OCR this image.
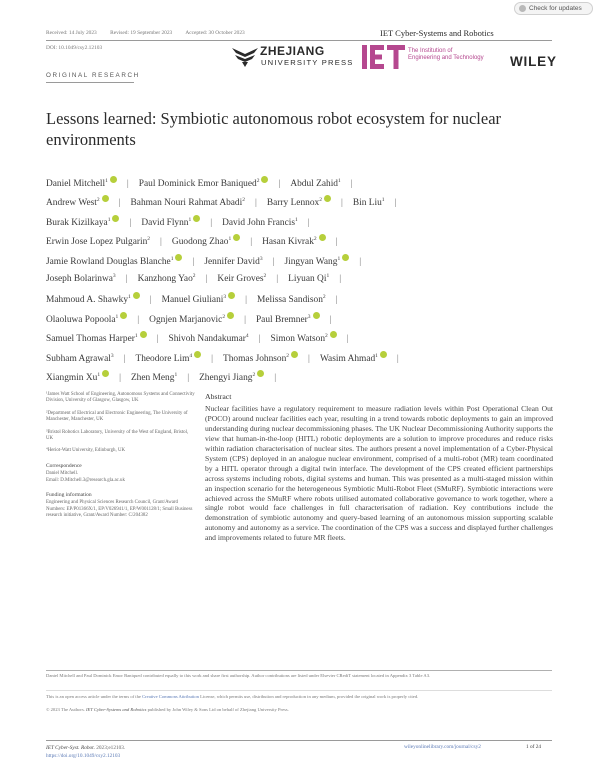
Check for updates
Received: 14 July 2023 Revised: 19 September 2023 Accepted: 30 October 2023	IET Cyber-Systems and Robotics
DOI: 10.1049/csy2.12103
ORIGINAL RESEARCH
ZHEJIANG
UNIVERSITY PRESS
The Institution of
Engineering and Technology	WILEY
Lessons learned: Symbiotic autonomous robot ecosystem for nuclear environments
Daniel Mitchell$^1$ | Paul Dominick Emor Baniqued$^2$ | Abdul Zahid$^1$ |
Andrew West$^2$ | Bahman Nouri Rahmat Abadi$^2$ | Barry Lennox$^2$ | Bin Liu$^1$ |
Burak Kizilkaya$^1$ | David Flynn$^1$ | David John Francis$^1$ |
Erwin Jose Lopez Pulgarin$^2$ | Guodong Zhao$^1$ | Hasan Kivrak$^2$ |
Jamie Rowland Douglas Blanche$^1$ | Jennifer David$^3$ | Jingyan Wang$^1$ |
Joseph Bolarinwa$^3$ | Kanzhong Yao$^2$ | Keir Groves$^2$ | Liyuan Qi$^1$ |
Mahmoud A. Shawky$^1$ | Manuel Giuliani$^3$ | Melissa Sandison$^2$ |
Olaoluwa Popoola$^1$ | Ognjen Marjanovic$^2$ | Paul Bremner$^3$ |
Samuel Thomas Harper$^1$ | Shivoh Nandakumar$^4$ | Simon Watson$^2$ |
Subham Agrawal$^3$ | Theodore Lim$^4$ | Thomas Johnson$^2$ | Wasim Ahmad$^1$ |
Xiangmin Xu$^1$ | Zhen Meng$^1$ | Zhengyi Jiang$^2$ |

¹James Watt School of Engineering, Autonomous Systems and Connectivity Division, University of Glasgow, Glasgow, UK

²Department of Electrical and Electronic Engineering, The University of Manchester, Manchester, UK

³Bristol Robotics Laboratory, University of the West of England, Bristol, UK

⁴Heriot-Watt University, Edinburgh, UK

Correspondence
Daniel Mitchell.
Email: D.Mitchell.3@research.gla.ac.uk
Funding information
Engineering and Physical Sciences Research Council, Grant/Award Numbers: EP/P01366X/1, EP/V026941/1, EP/W001128/1; Small Business research initiative, Grant/Award Number: C/204382
Abstract

Nuclear facilities have a regulatory requirement to measure radiation levels within Post Operational Clean Out (POCO) around nuclear facilities each year, resulting in a trend towards robotic deployments to gain an improved understanding during nuclear decommissioning phases. The UK Nuclear Decommissioning Authority supports the view that human-in-the-loop (HITL) robotic deployments are a solution to improve procedures and reduce risks within radiation characterisation of nuclear sites. The authors present a novel implementation of a Cyber-Physical System (CPS) deployed in an analogue nuclear environment, comprised of a multi-robot (MR) team coordinated by a HITL operator through a digital twin interface. The development of the CPS created efficient partnerships across systems including robots, digital systems and human. This was presented as a multi-staged mission within an inspection scenario for the heterogeneous Symbiotic Multi-Robot Fleet (SMuRF). Symbiotic interactions were achieved across the SMuRF where robots utilised automated collaborative governance to work together, where a single robot would face challenges in full characterisation of radiation. Key contributions include the demonstration of symbiotic autonomy and query-based learning of an autonomous mission supporting scalable autonomy and autonomy as a service. The coordination of the CPS was a success and displayed further challenges and improvements related to future MR fleets.

Daniel Mitchell and Paul Dominick Emor Baniqued contributed equally to this work and share first authorship. Author contributions are listed under Elsevier CRediT statement located in Appendix 3 Table A3.
This is an open access article under the terms of the Creative Commons Attribution License, which permits use, distribution and reproduction in any medium, provided the original work is properly cited.
© 2023 The Authors. IET Cyber-Systems and Robotics published by John Wiley & Sons Ltd on behalf of Zhejiang University Press.
IET Cyber-Syst. Robot. 2023;e12103.
https://doi.org/10.1049/csy2.12103
wileyonlinelibrary.com/journal/csy2	1 of 24
